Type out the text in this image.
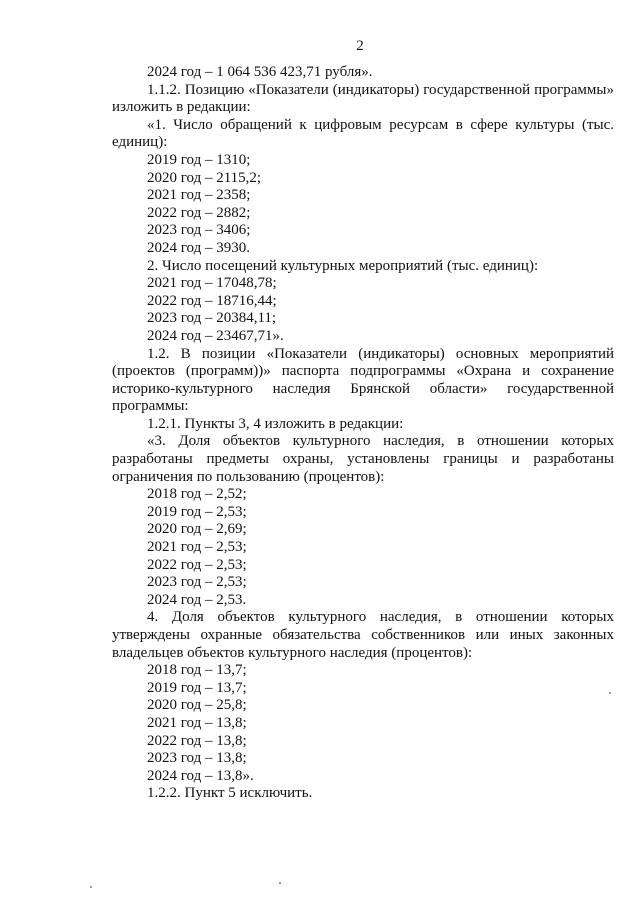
2
2024 год – 1 064 536 423,71 рубля».

1.1.2. Позицию «Показатели (индикаторы) государственной программы» изложить в редакции:

«1. Число обращений к цифровым ресурсам в сфере культуры (тыс. единиц):

2019 год – 1310;
2020 год – 2115,2;
2021 год – 2358;
2022 год – 2882;
2023 год – 3406;
2024 год – 3930.
2. Число посещений культурных мероприятий (тыс. единиц):
2021 год – 17048,78;
2022 год – 18716,44;
2023 год – 20384,11;
2024 год – 23467,71».

1.2. В позиции «Показатели (индикаторы) основных мероприятий (проектов (программ))» паспорта подпрограммы «Охрана и сохранение историко-культурного наследия Брянской области» государственной программы:

1.2.1. Пункты 3, 4 изложить в редакции:

«3. Доля объектов культурного наследия, в отношении которых разработаны предметы охраны, установлены границы и разработаны ограничения по пользованию (процентов):

2018 год – 2,52;
2019 год – 2,53;
2020 год – 2,69;
2021 год – 2,53;
2022 год – 2,53;
2023 год – 2,53;
2024 год – 2,53.

4. Доля объектов культурного наследия, в отношении которых утверждены охранные обязательства собственников или иных законных владельцев объектов культурного наследия (процентов):

2018 год – 13,7;
2019 год – 13,7;
2020 год – 25,8;
2021 год – 13,8;
2022 год – 13,8;
2023 год – 13,8;
2024 год – 13,8».
1.2.2. Пункт 5 исключить.
